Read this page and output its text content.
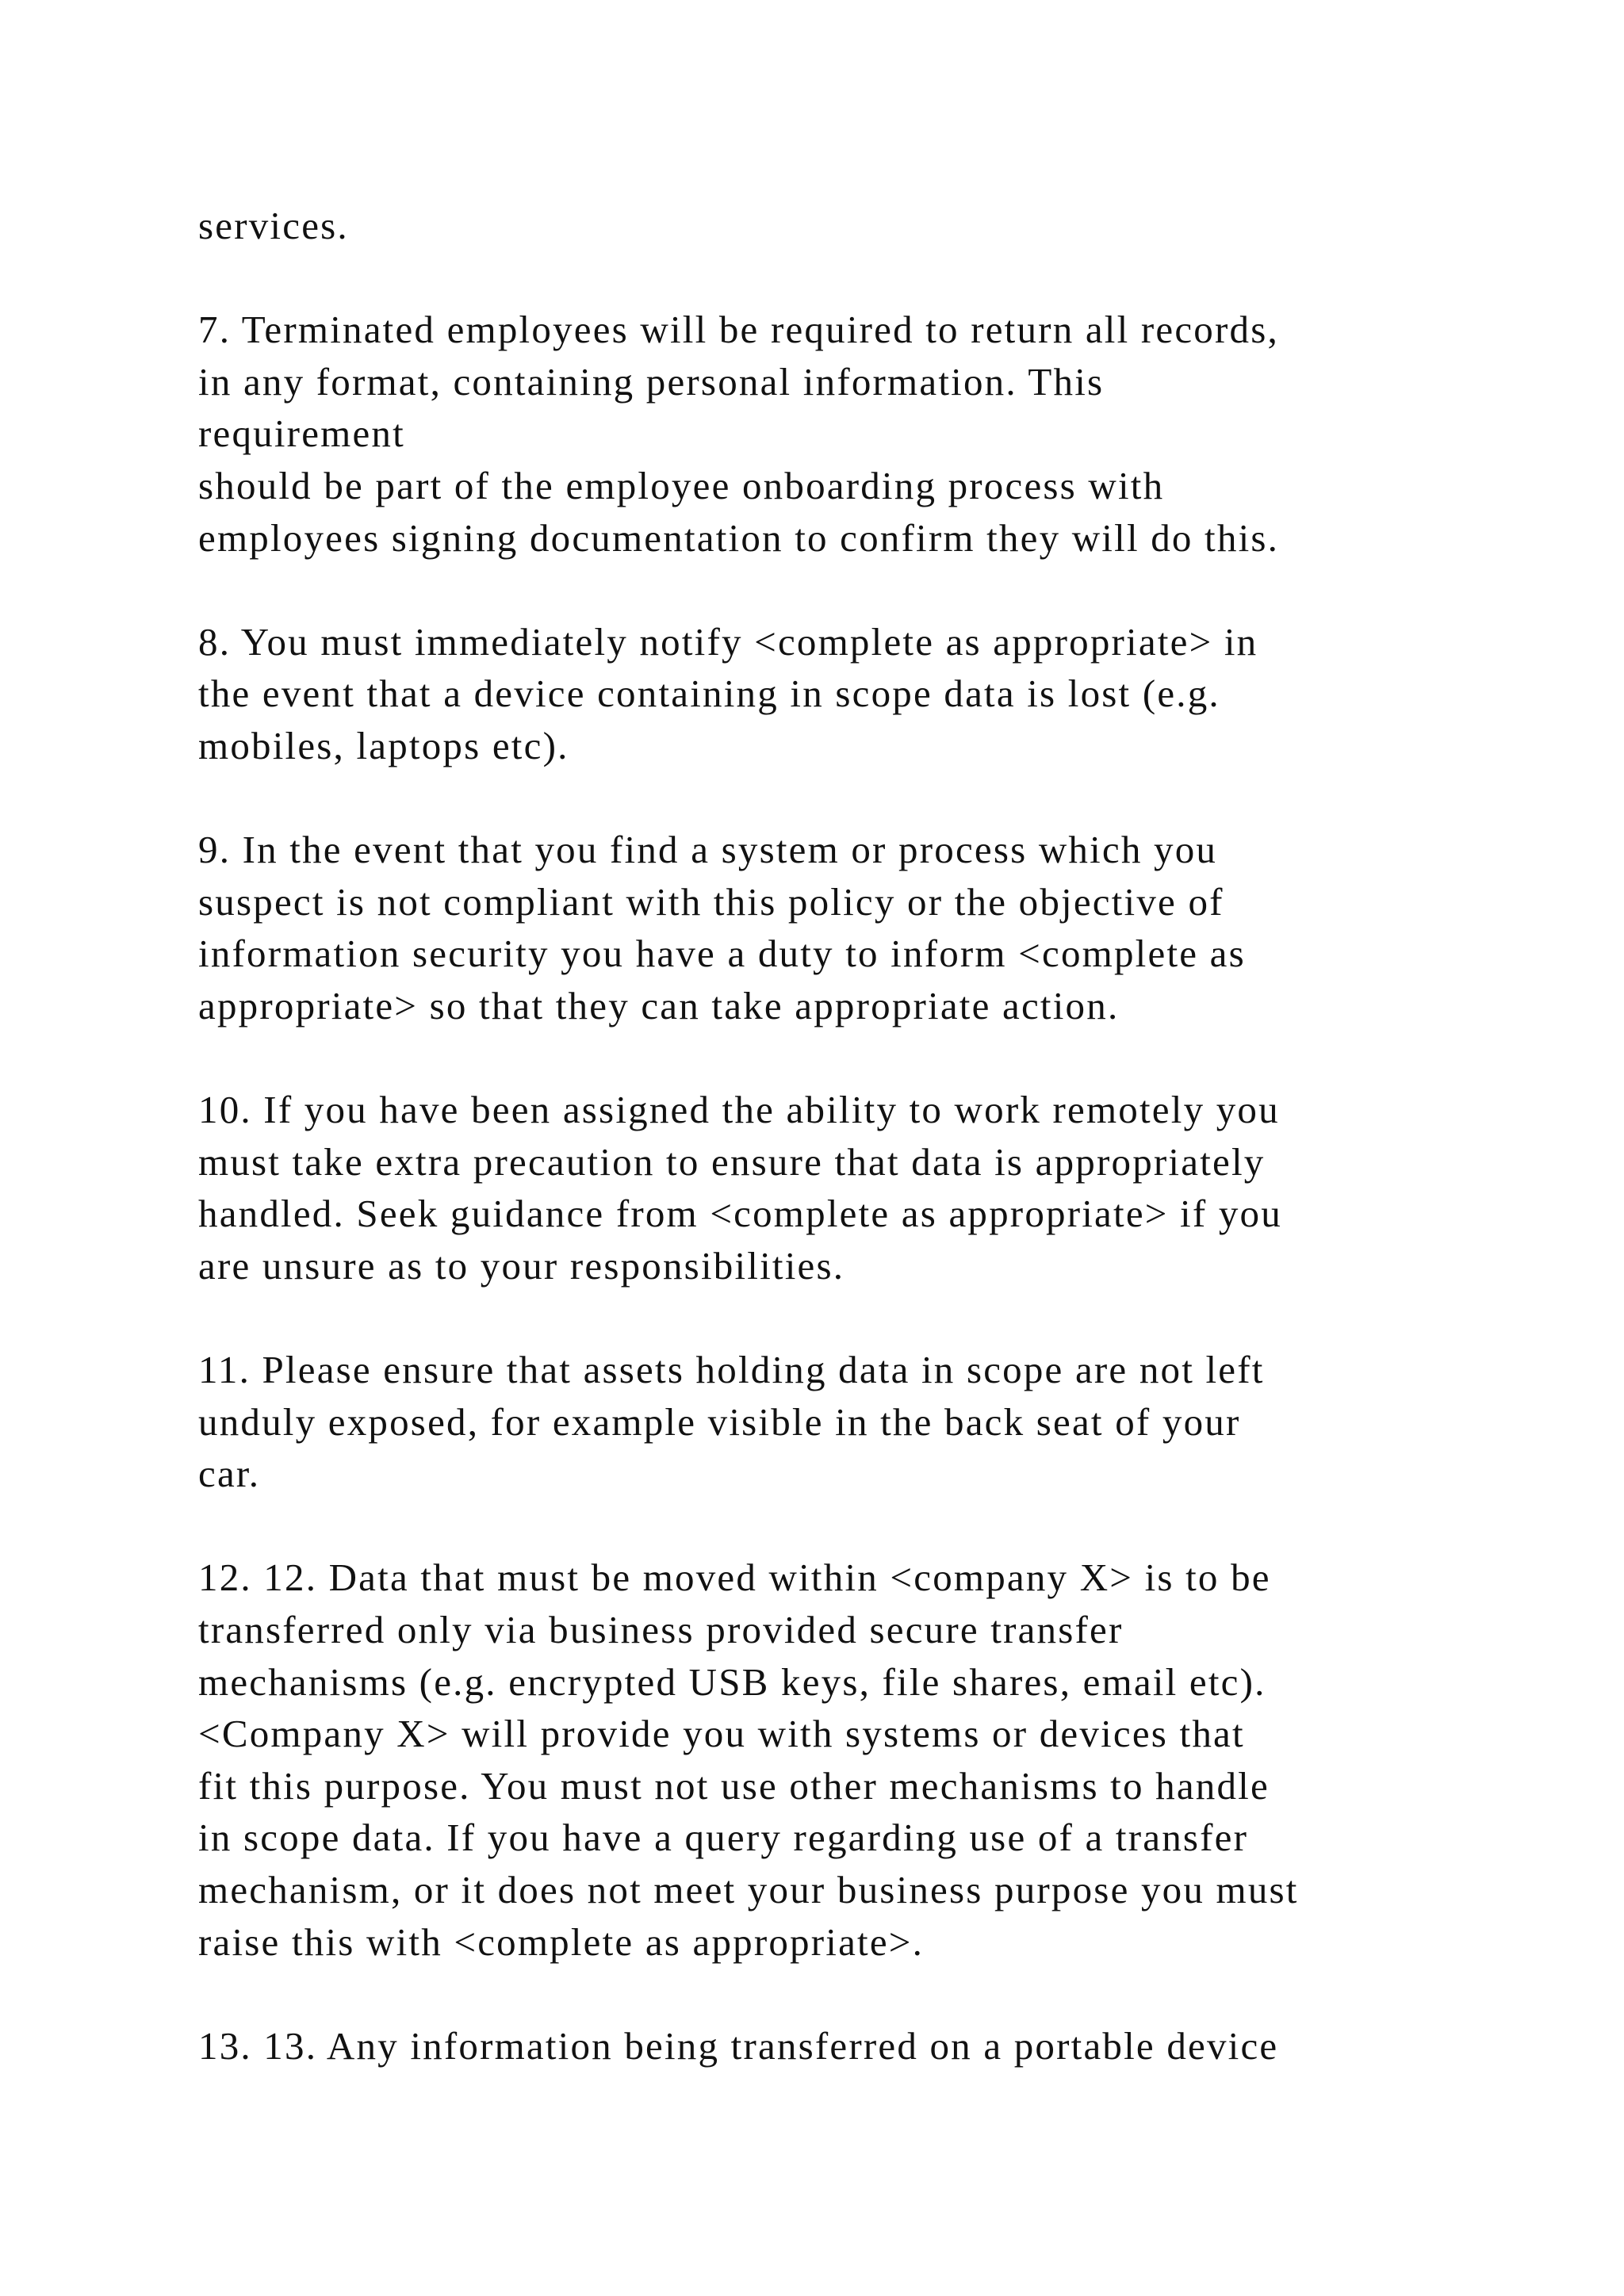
services.
7. Terminated employees will be required to return all records,
in any format, containing personal information. This
requirement
should be part of the employee onboarding process with
employees signing documentation to confirm they will do this.
8. You must immediately notify <complete as appropriate> in
the event that a device containing in scope data is lost (e.g.
mobiles, laptops etc).
9. In the event that you find a system or process which you
suspect is not compliant with this policy or the objective of
information security you have a duty to inform <complete as
appropriate> so that they can take appropriate action.
10. If you have been assigned the ability to work remotely you
must take extra precaution to ensure that data is appropriately
handled. Seek guidance from <complete as appropriate> if you
are unsure as to your responsibilities.
11. Please ensure that assets holding data in scope are not left
unduly exposed, for example visible in the back seat of your
car.
12. 12. Data that must be moved within <company X> is to be
transferred only via business provided secure transfer
mechanisms (e.g. encrypted USB keys, file shares, email etc).
<Company X> will provide you with systems or devices that
fit this purpose. You must not use other mechanisms to handle
in scope data. If you have a query regarding use of a transfer
mechanism, or it does not meet your business purpose you must
raise this with <complete as appropriate>.
13. 13. Any information being transferred on a portable device
